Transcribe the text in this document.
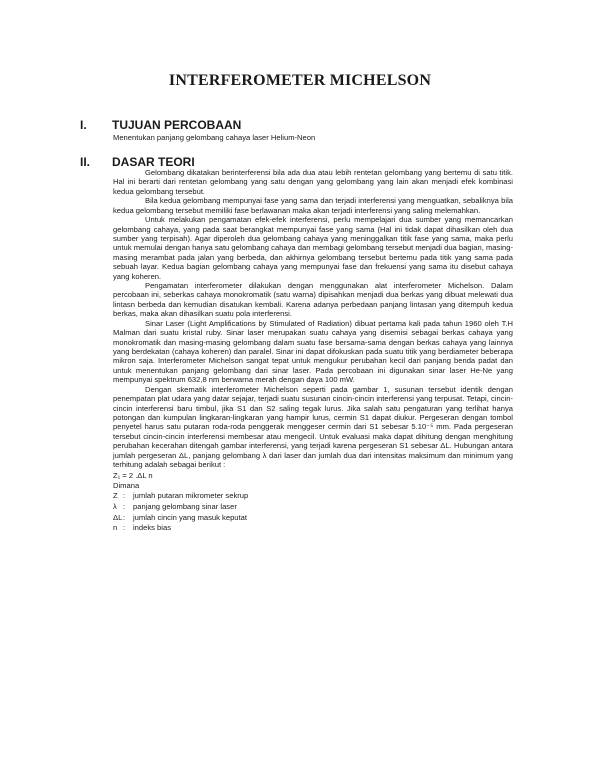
INTERFEROMETER MICHELSON
I.	TUJUAN PERCOBAAN

Menentukan panjang gelombang cahaya laser Helium-Neon

II.	DASAR TEORI

Gelombang dikatakan berinterferensi bila ada dua atau lebih rentetan gelombang yang bertemu di satu titik. Hal ini berarti dari rentetan gelombang yang satu dengan yang gelombang yang lain akan menjadi efek kombinasi kedua gelombang tersebut.

Bila kedua gelombang mempunyai fase yang sama dan terjadi interferensi yang menguatkan, sebaliknya bila kedua gelombang tersebut memiliki fase berlawanan maka akan terjadi interferensi yang saling melemahkan.

Untuk melakukan pengamatan efek-efek interferensi, perlu mempelajari dua sumber yang memancarkan gelombang cahaya, yang pada saat berangkat mempunyai fase yang sama (Hal ini tidak dapat dihasilkan oleh dua sumber yang terpisah). Agar diperoleh dua gelombang cahaya yang meninggalkan titik fase yang sama, maka perlu untuk memulai dengan hanya satu gelombang cahaya dan membagi gelombang tersebut menjadi dua bagian, masing-masing merambat pada jalan yang berbeda, dan akhirnya gelombang tersebut bertemu pada titik yang sama pada sebuah layar. Kedua bagian gelombang cahaya yang mempunyai fase dan frekuensi yang sama itu disebut cahaya yang koheren.

Pengamatan interferometer dilakukan dengan menggunakan alat interferometer Michelson. Dalam percobaan ini, seberkas cahaya monokromatik (satu warna) dipisahkan menjadi dua berkas yang dibuat melewati dua lintasn berbeda dan kemudian disatukan kembali. Karena adanya perbedaan panjang lintasan yang ditempuh kedua berkas, maka akan dihasilkan suatu pola interferensi.

Sinar Laser (Light Amplifications by Stimulated of Radiation) dibuat pertama kali pada tahun 1960 oleh T.H Malman dari suatu kristal ruby. Sinar laser merupakan suatu cahaya yang disemisi sebagai berkas cahaya yang monokromatik dan masing-masing gelombang dalam suatu fase bersama-sama dengan berkas cahaya yang lainnya yang berdekatan (cahaya koheren) dan paralel. Sinar ini dapat difokuskan pada suatu titik yang berdiameter beberapa mikron saja. Interferometer Michelson sangat tepat untuk mengukur perubahan kecil dari panjang benda padat dan untuk menentukan panjang gelombang dari sinar laser. Pada percobaan ini digunakan sinar laser He-Ne yang mempunyai spektrum 632,8 nm berwarna merah dengan daya 100 mW.

Dengan skematik interferometer Michelson seperti pada gambar 1, susunan tersebut identik dengan penempatan plat udara yang datar sejajar, terjadi suatu susunan cincin-cincin interferensi yang terpusat. Tetapi, cincin-cincin interferensi baru timbul, jika S1 dan S2 saling tegak lurus. Jika salah satu pengaturan yang terlihat hanya potongan dan kumpulan lingkaran-lingkaran yang hampir lurus, cermin S1 dapat diukur. Pergeseran dengan tombol penyetel harus satu putaran roda-roda penggerak menggeser cermin dari S1 sebesar 5.10⁻⁵ mm. Pada pergeseran tersebut cincin-cincin interferensi membesar atau mengecil. Untuk evaluasi maka dapat dihitung dengan menghitung perubahan kecerahan ditengah gambar interferensi, yang terjadi karena pergeseran S1 sebesar ΔL. Hubungan antara jumlah pergeseran ΔL, panjang gelombang λ dari laser dan jumlah dua dari intensitas maksimum dan minimum yang terhitung adalah sebagai berikut :

Z₁ = 2 .ΔL n
Dimana
Z :	jumlah putaran mikrometer sekrup
λ :	panjang gelombang sinar laser
ΔL :	jumlah cincin yang masuk keputat
n :	indeks bias
